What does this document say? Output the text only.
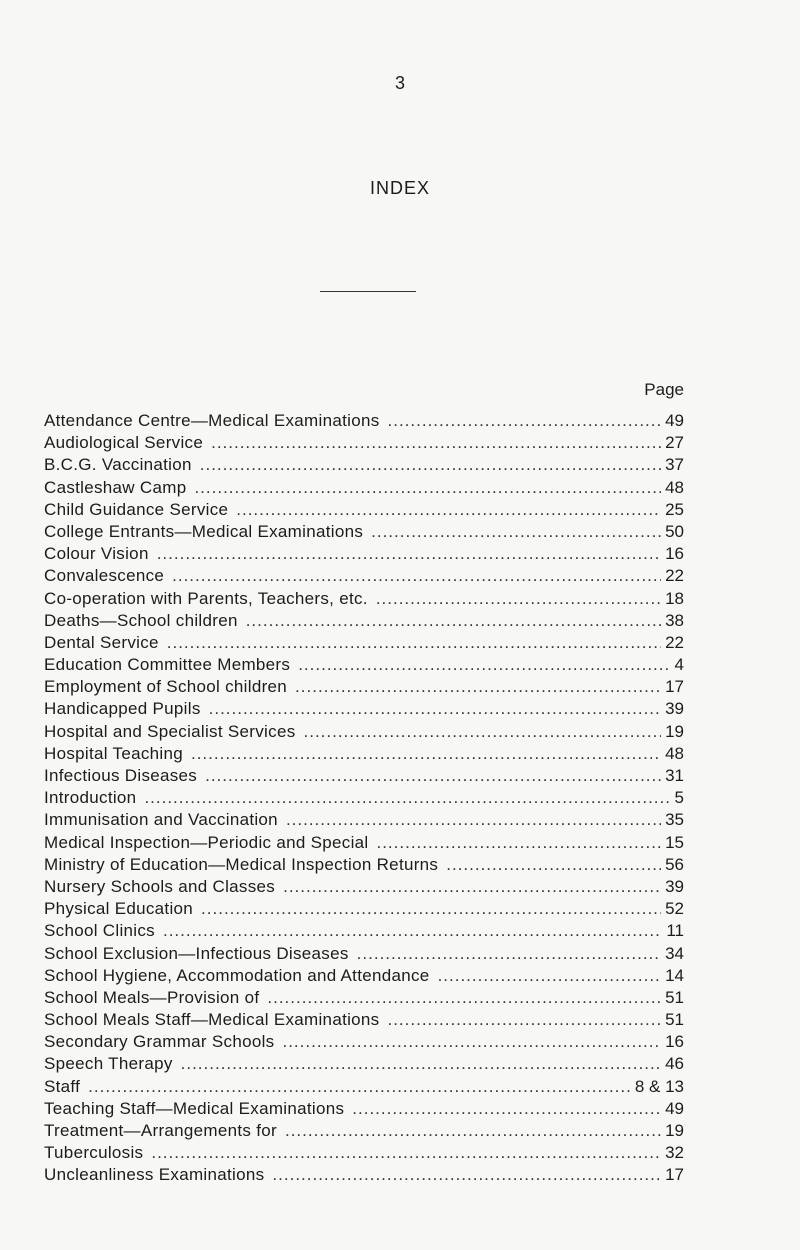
3
INDEX
Page
Attendance Centre—Medical Examinations .....	49
Audiological Service .....	27
B.C.G. Vaccination .....	37
Castleshaw Camp .....	48
Child Guidance Service .....	25
College Entrants—Medical Examinations .....	50
Colour Vision .....	16
Convalescence .....	22
Co-operation with Parents, Teachers, etc. .....	18
Deaths—School children .....	38
Dental Service .....	22
Education Committee Members .....	4
Employment of School children .....	17
Handicapped Pupils .....	39
Hospital and Specialist Services .....	19
Hospital Teaching .....	48
Infectious Diseases .....	31
Introduction .....	5
Immunisation and Vaccination .....	35
Medical Inspection—Periodic and Special .....	15
Ministry of Education—Medical Inspection Returns .....	56
Nursery Schools and Classes .....	39
Physical Education .....	52
School Clinics .....	11
School Exclusion—Infectious Diseases .....	34
School Hygiene, Accommodation and Attendance .....	14
School Meals—Provision of .....	51
School Meals Staff—Medical Examinations .....	51
Secondary Grammar Schools .....	16
Speech Therapy .....	46
Staff .....	8 & 13
Teaching Staff—Medical Examinations .....	49
Treatment—Arrangements for .....	19
Tuberculosis .....	32
Uncleanliness Examinations .....	17
